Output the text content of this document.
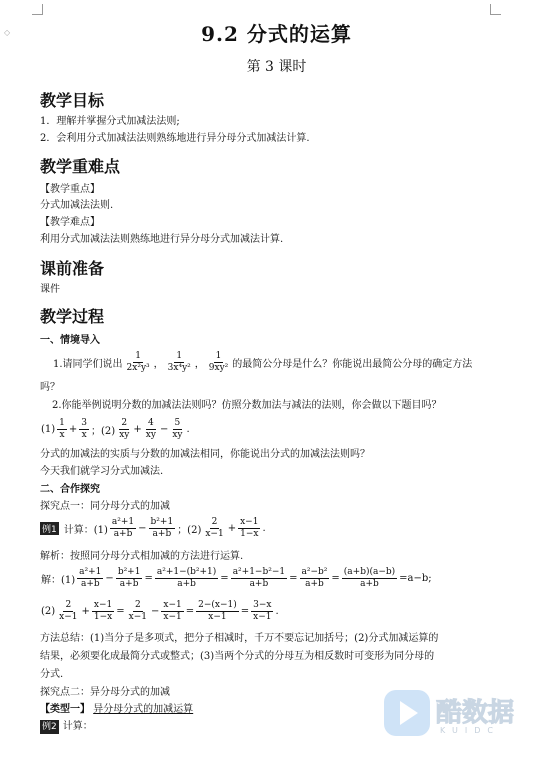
◇	9.2 分式的运算
第 3 课时
教学目标
1．理解并掌握分式加减法法则;
2．会利用分式加减法法则熟练地进行异分母分式加减法计算.
教学重难点
【教学重点】
分式加减法法则.
【教学难点】
利用分式加减法法则熟练地进行异分母分式加减法计算.
课前准备
课件
教学过程
一、情境导入
1.请同学们说出 $\frac{1}{\text{2x²y³}}$ ， $\frac{1}{\text{3x⁴y²}}$ ， $\frac{1}{\text{9xy²}}$ 的最简公分母是什么？你能说出最简公分母的确定方法
吗？
2.你能举例说明分数的加减法法则吗？仿照分数加法与减法的法则，你会做以下题目吗？
$(1) \frac{1}{x} + \frac{3}{x}$ ；$(2) \frac{2}{xy} + \frac{4}{xy} - \frac{5}{xy}$ .
分式的加减法的实质与分数的加减法相同，你能说出分式的加减法法则吗？
今天我们就学习分式加减法.
二、合作探究
探究点一：同分母分式的加减
例1 计算：$(1) \frac{\text{a²+1}}{a+b} - \frac{\text{b²+1}}{a+b}$ ；$(2) \frac{2}{x-1} + \frac{x-1}{1-x}$ .
解析：按照同分母分式相加减的方法进行运算.
解：$(1) \frac{\text{a²+1}}{a+b} - \frac{\text{b²+1}}{a+b} = \frac{\text{a²+1−(b²+1)}}{a+b} = \frac{\text{a²+1−b²−1}}{a+b} = \frac{\text{a²−b²}}{a+b} = \frac{(a+b)(a-b)}{a+b} =a-b$;
$(2) \frac{2}{x-1} + \frac{x-1}{1-x} = \frac{2}{x-1} - \frac{x-1}{x-1} = \frac{2-(x-1)}{x-1} = \frac{3-x}{x-1}$ .
方法总结：(1)当分子是多项式，把分子相减时，千万不要忘记加括号；(2)分式加减运算的
结果，必须要化成最简分式或整式；(3)当两个分式的分母互为相反数时可变形为同分母的
分式.
探究点二：异分母分式的加减
【类型一】 异分母分式的加减运算
例2 计算：	酷数据
KUIDC
